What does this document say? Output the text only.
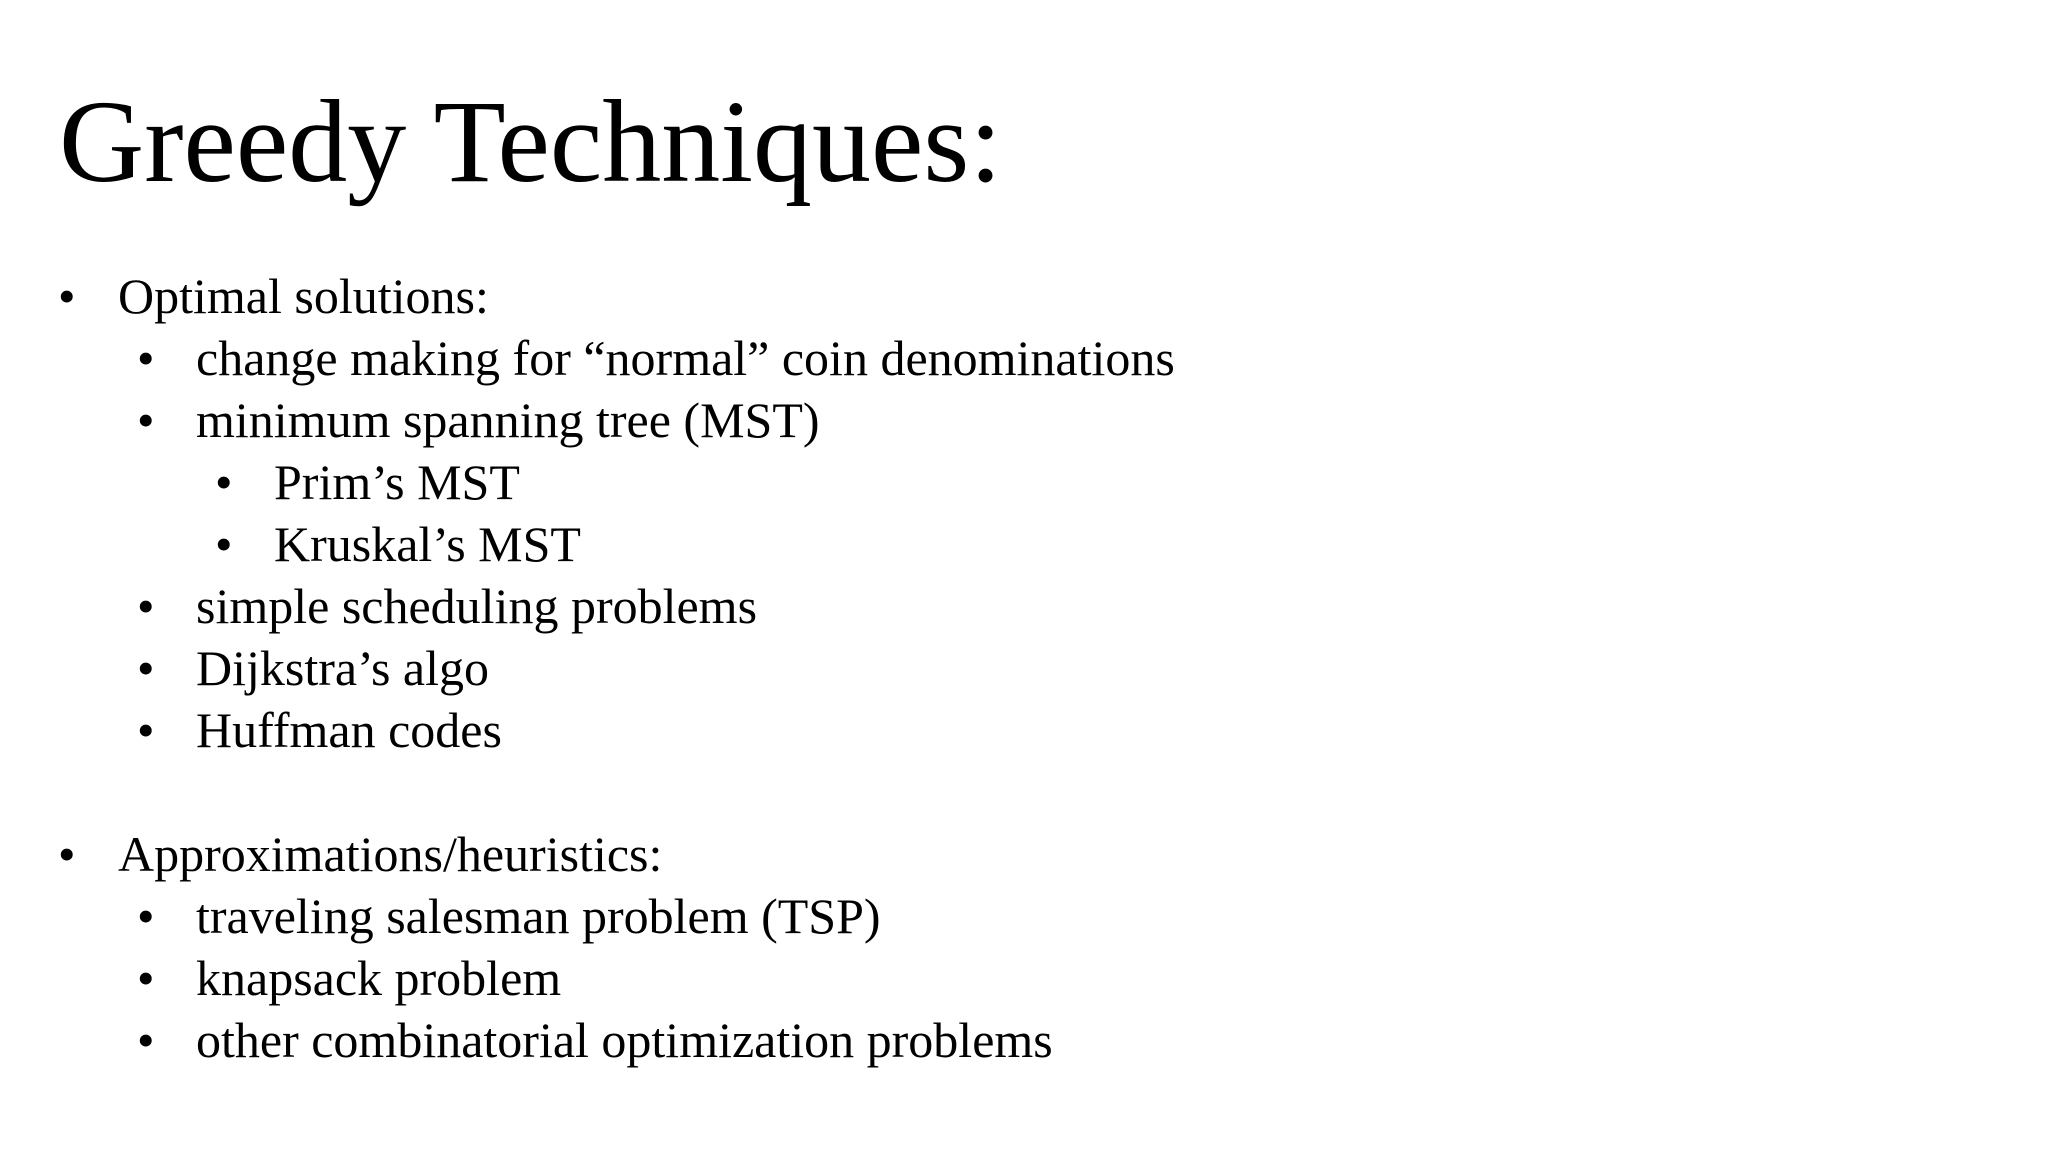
Greedy Techniques:
• Optimal solutions:
• change making for “normal” coin denominations
• minimum spanning tree (MST)
• Prim’s MST
• Kruskal’s MST
• simple scheduling problems
• Dijkstra’s algo
• Huffman codes
• Approximations/heuristics:
• traveling salesman problem (TSP)
• knapsack problem
• other combinatorial optimization problems
